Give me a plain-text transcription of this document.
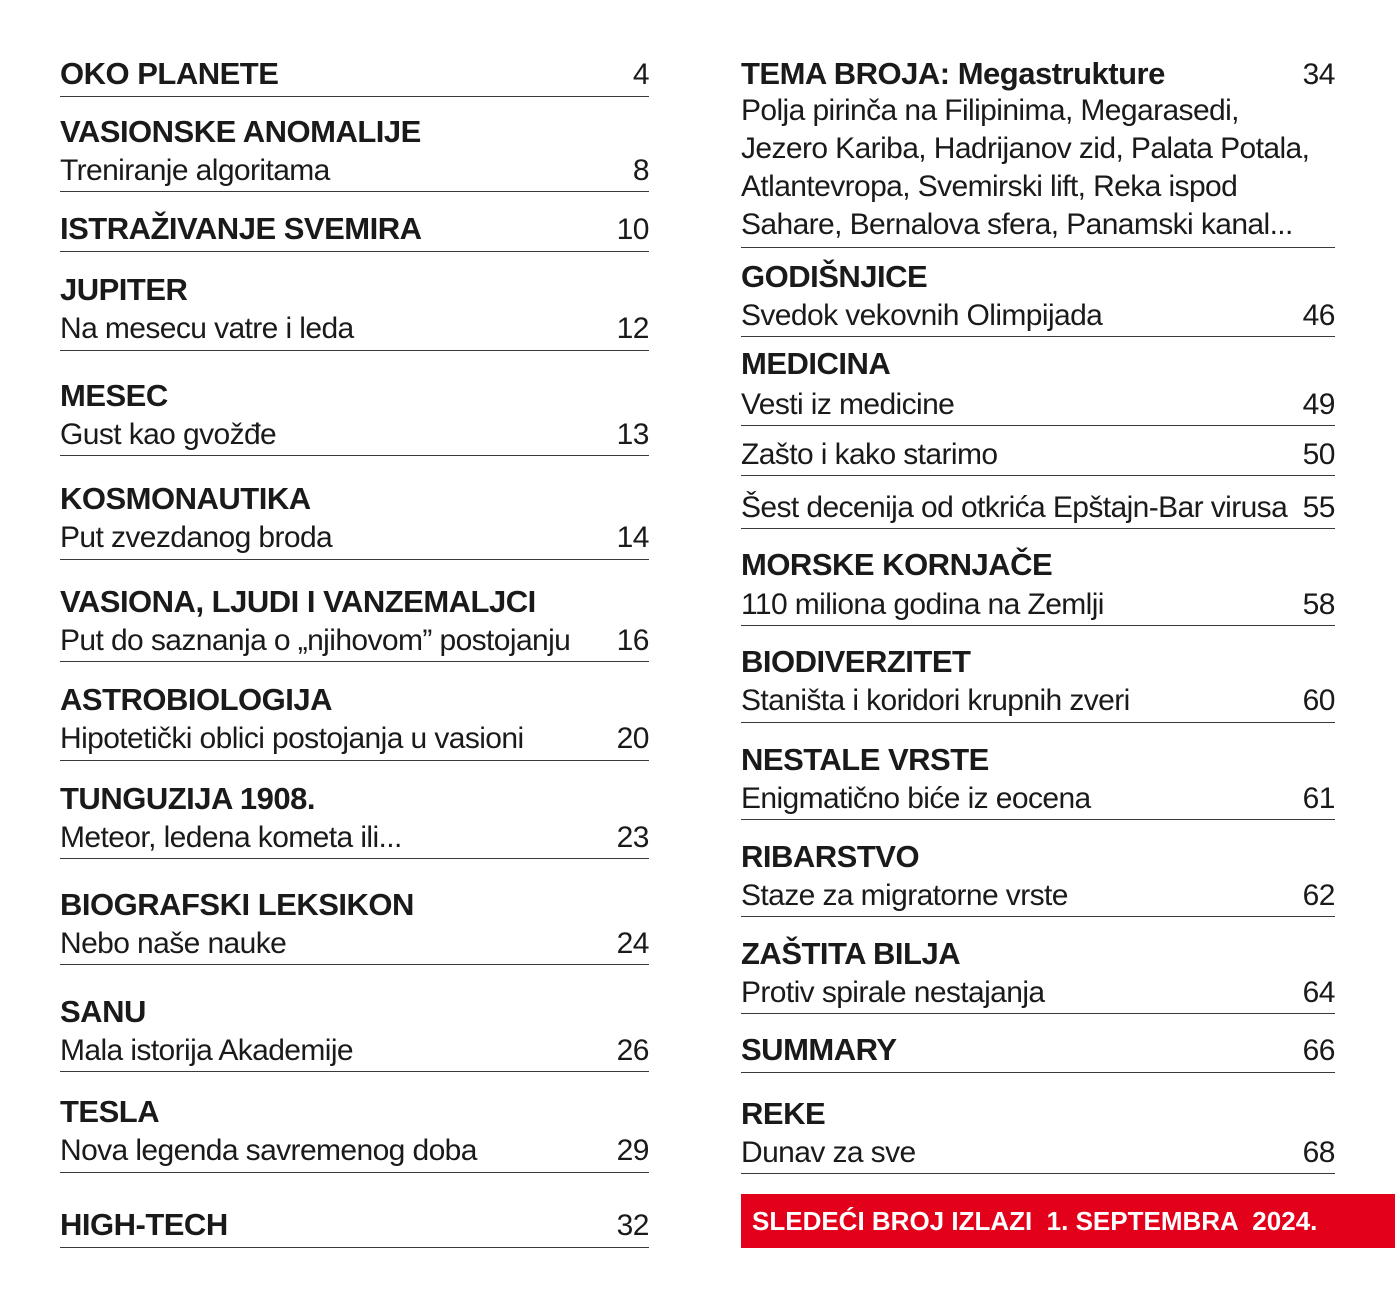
OKO PLANETE	4
VASIONSKE ANOMALIJE
Treniranje algoritama	8
ISTRAŽIVANJE SVEMIRA	10
JUPITER
Na mesecu vatre i leda	12
MESEC
Gust kao gvožđe	13
KOSMONAUTIKA
Put zvezdanog broda	14
VASIONA, LJUDI I VANZEMALJCI
Put do saznanja o „njihovom” postojanju 16
ASTROBIOLOGIJA
Hipotetički oblici postojanja u vasioni	20
TUNGUZIJA 1908.
Meteor, ledena kometa ili...	23
BIOGRAFSKI LEKSIKON
Nebo naše nauke	24
SANU
Mala istorija Akademije	26
TESLA
Nova legenda savremenog doba	29
HIGH-TECH	32
TEMA BROJA: Megastrukture	34
Polja pirinča na Filipinima, Megarasedi,
Jezero Kariba, Hadrijanov zid, Palata Potala,
Atlantevropa, Svemirski lift, Reka ispod
Sahare, Bernalova sfera, Panamski kanal...
GODIŠNJICE
Svedok vekovnih Olimpijada	46
MEDICINA
Vesti iz medicine	49
Zašto i kako starimo	50
Šest decenija od otkrića Epštajn-Bar virusa 55
MORSKE KORNJAČE
110 miliona godina na Zemlji	58
BIODIVERZITET
Staništa i koridori krupnih zveri	60
NESTALE VRSTE
Enigmatično biće iz eocena	61
RIBARSTVO
Staze za migratorne vrste	62
ZAŠTITA BILJA
Protiv spirale nestajanja	64
SUMMARY	66
REKE
Dunav za sve	68
SLEDEĆI BROJ IZLAZI  1. SEPTEMBRA  2024.
